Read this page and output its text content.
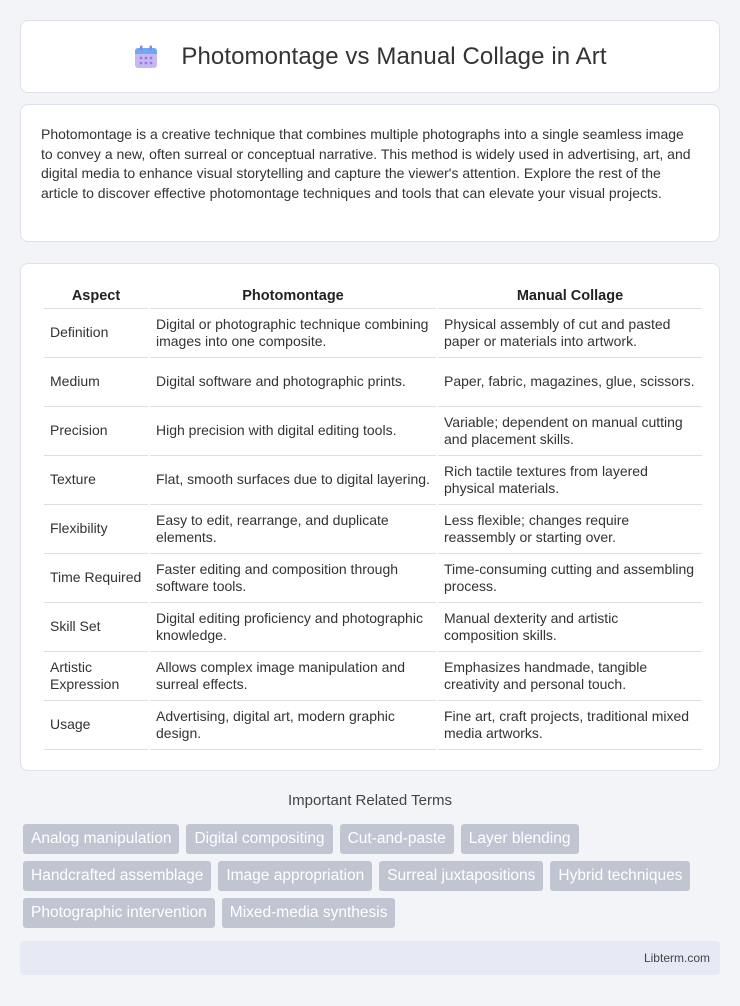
Photomontage vs Manual Collage in Art

Photomontage is a creative technique that combines multiple photographs into a single seamless image to convey a new, often surreal or conceptual narrative. This method is widely used in advertising, art, and digital media to enhance visual storytelling and capture the viewer's attention. Explore the rest of the article to discover effective photomontage techniques and tools that can elevate your visual projects.

Aspect	Photomontage	Manual Collage
Definition	Digital or photographic technique combining images into one composite.	Physical assembly of cut and pasted paper or materials into artwork.
Medium	Digital software and photographic prints.	Paper, fabric, magazines, glue, scissors.
Precision	High precision with digital editing tools.	Variable; dependent on manual cutting and placement skills.
Texture	Flat, smooth surfaces due to digital layering.	Rich tactile textures from layered physical materials.
Flexibility	Easy to edit, rearrange, and duplicate elements.	Less flexible; changes require reassembly or starting over.
Time Required	Faster editing and composition through software tools.	Time-consuming cutting and assembling process.
Skill Set	Digital editing proficiency and photographic knowledge.	Manual dexterity and artistic composition skills.
Artistic Expression	Allows complex image manipulation and surreal effects.	Emphasizes handmade, tangible creativity and personal touch.
Usage	Advertising, digital art, modern graphic design.	Fine art, craft projects, traditional mixed media artworks.
Important Related Terms
Analog manipulation	Digital compositing	Cut-and-paste	Layer blending
Handcrafted assemblage	Image appropriation	Surreal juxtapositions	Hybrid techniques
Photographic intervention	Mixed-media synthesis
Libterm.com
